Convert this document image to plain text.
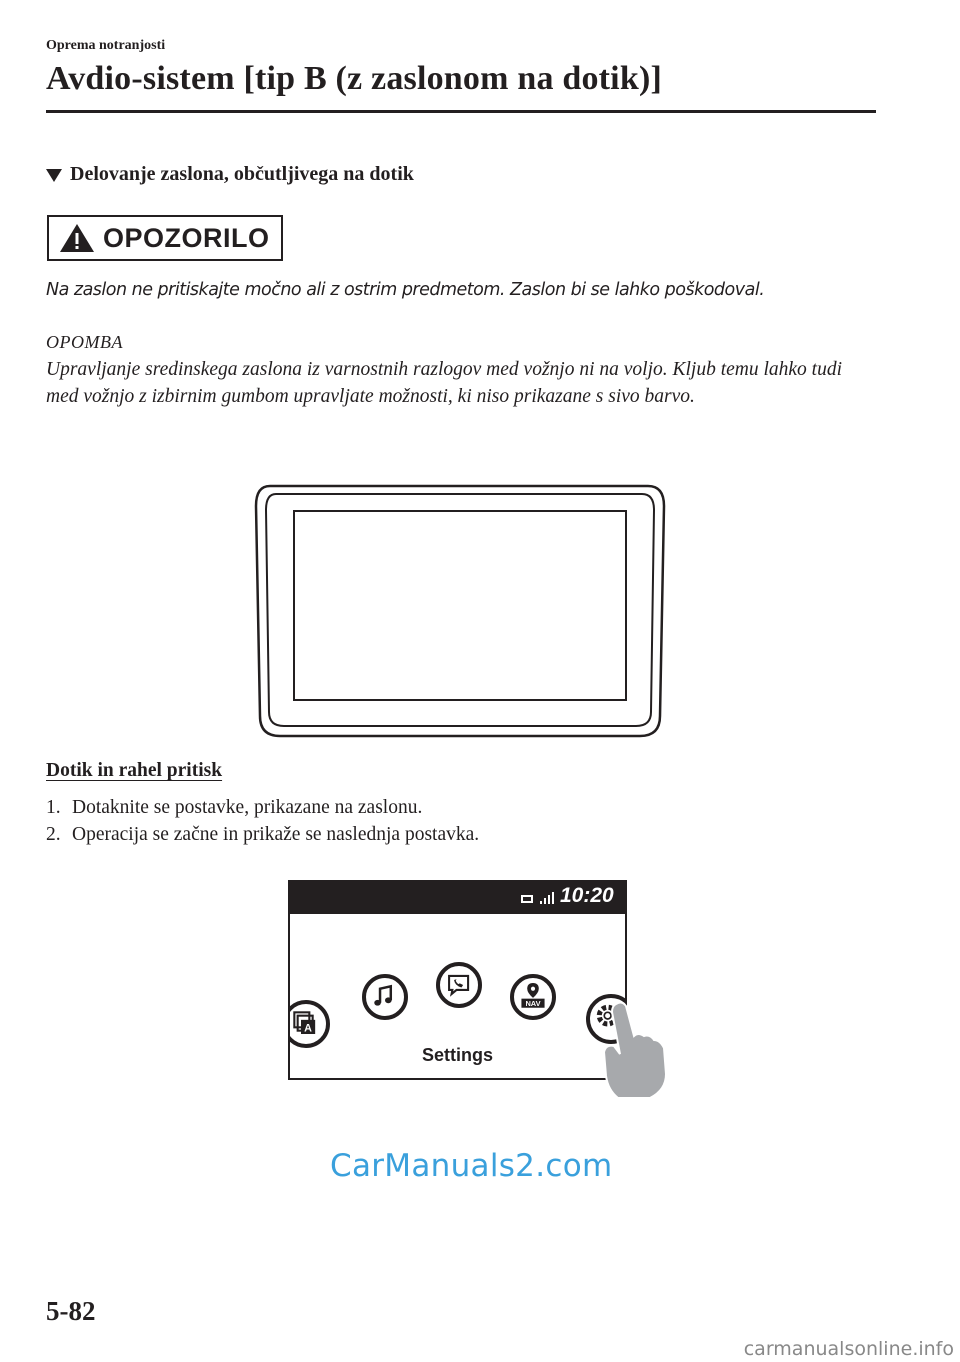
Oprema notranjosti
Avdio-sistem [tip B (z zaslonom na dotik)]
Delovanje zaslona, občutljivega na dotik
OPOZORILO
Na zaslon ne pritiskajte močno ali z ostrim predmetom. Zaslon bi se lahko poškodoval.
OPOMBA
Upravljanje sredinskega zaslona iz varnostnih razlogov med vožnjo ni na voljo. Kljub temu lahko tudi med vožnjo z izbirnim gumbom upravljate možnosti, ki niso prikazane s sivo barvo.
Dotik in rahel pritisk
1. Dotaknite se postavke, prikazane na zaslonu.
2. Operacija se začne in prikaže se naslednja postavka.
10:20
A
NAV
Settings
CarManuals2.com
5-82
carmanualsonline.info
